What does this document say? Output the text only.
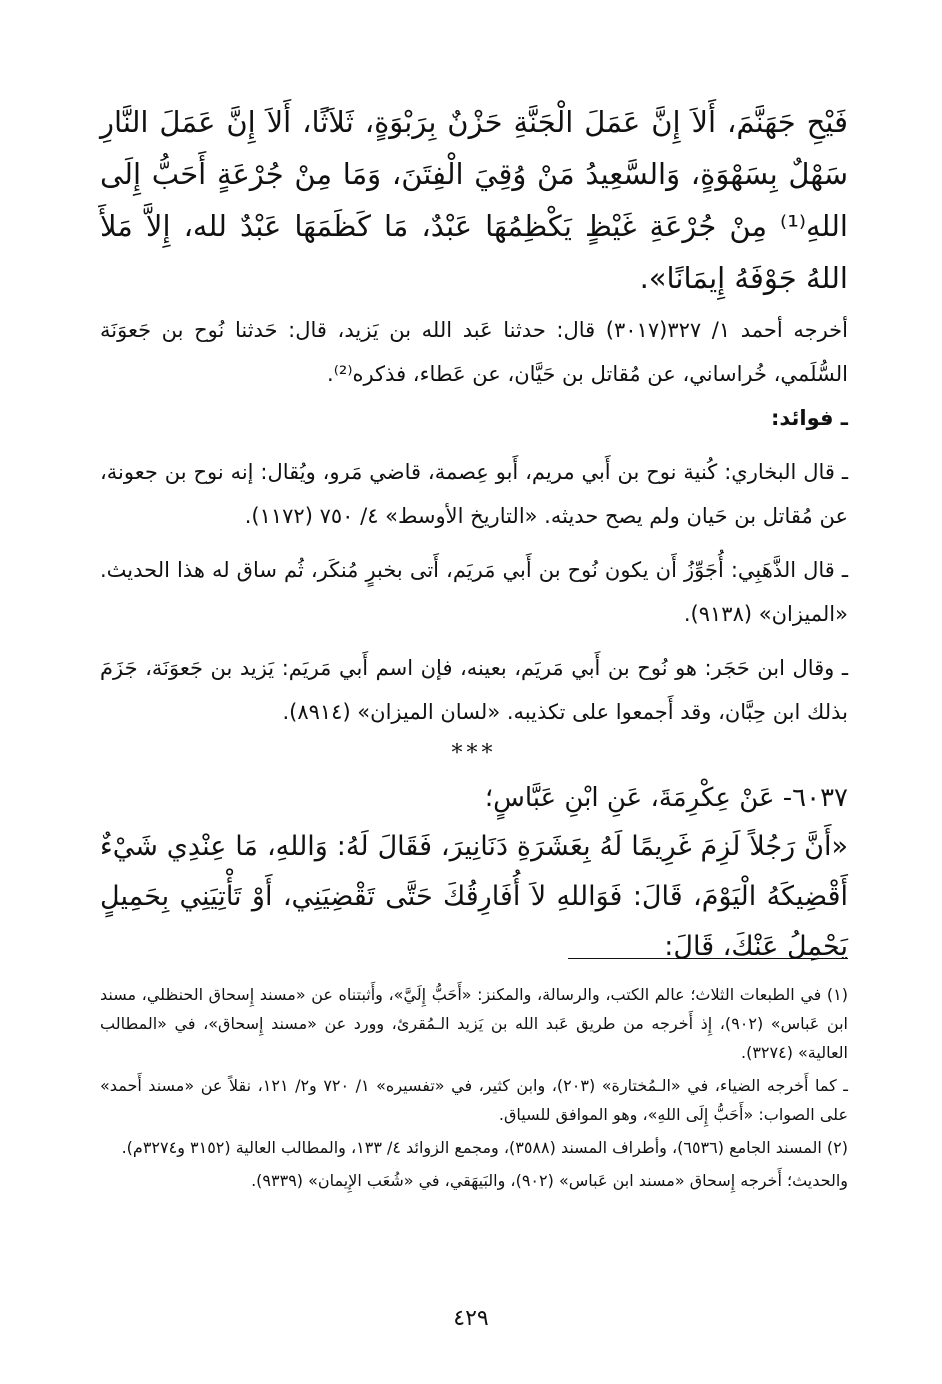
فَيْحِ جَهَنَّمَ، أَلاَ إِنَّ عَمَلَ الْجَنَّةِ حَزْنٌ بِرَبْوَةٍ، ثَلاَثًا، أَلاَ إِنَّ عَمَلَ النَّارِ سَهْلٌ بِسَهْوَةٍ، وَالسَّعِيدُ مَنْ وُقِيَ الْفِتَنَ، وَمَا مِنْ جُرْعَةٍ أَحَبُّ إِلَى اللهِ⁽¹⁾ مِنْ جُرْعَةِ غَيْظٍ يَكْظِمُهَا عَبْدٌ، مَا كَظَمَهَا عَبْدٌ لله، إِلاَّ مَلأَ اللهُ جَوْفَهُ إِيمَانًا».

أخرجه أحمد ١/ ٣٢٧(٣٠١٧) قال: حدثنا عَبد الله بن يَزيد، قال: حَدثنا نُوح بن جَعوَنَة السُّلَمي، خُراساني، عن مُقاتل بن حَيَّان، عن عَطاء، فذكره⁽²⁾.

ـ فوائد:

ـ قال البخاري: كُنية نوح بن أَبي مريم، أَبو عِصمة، قاضي مَرو، ويُقال: إنه نوح بن جعونة، عن مُقاتل بن حَيان ولم يصح حديثه. «التاريخ الأوسط» ٤/ ٧٥٠ (١١٧٢).

ـ قال الذَّهَبِي: أُجَوِّزُ أَن يكون نُوح بن أَبي مَريَم، أَتى بخبرٍ مُنكَر، ثُم ساق له هذا الحديث. «الميزان» (٩١٣٨).

ـ وقال ابن حَجَر: هو نُوح بن أَبي مَريَم، بعينه، فإن اسم أَبي مَريَم: يَزيد بن جَعوَنَة، جَزَمَ بذلك ابن حِبَّان، وقد أَجمعوا على تكذيبه. «لسان الميزان» (٨٩١٤).

***

٦٠٣٧- عَنْ عِكْرِمَةَ، عَنِ ابْنِ عَبَّاسٍ؛

«أَنَّ رَجُلاً لَزِمَ غَرِيمًا لَهُ بِعَشَرَةِ دَنَانِيرَ، فَقَالَ لَهُ: وَاللهِ، مَا عِنْدِي شَيْءٌ أَقْضِيكَهُ الْيَوْمَ، قَالَ: فَوَاللهِ لاَ أُفَارِقُكَ حَتَّى تَقْضِيَنِي، أَوْ تَأْتِيَنِي بِحَمِيلٍ يَحْمِلُ عَنْكَ، قَالَ:

(١) في الطبعات الثلاث؛ عالم الكتب، والرسالة، والمكنز: «أَحَبُّ إِلَيَّ»، وأَثبتناه عن «مسند إِسحاق الحنظلي، مسند ابن عَباس» (٩٠٢)، إِذ أَخرجه من طريق عَبد الله بن يَزيد الـمُقرئ، وورد عن «مسند إِسحاق»، في «المطالب العالية» (٣٢٧٤).

ـ كما أَخرجه الضياء، في «الـمُختارة» (٢٠٣)، وابن كثير، في «تفسيره» ١/ ٧٢٠ و٢/ ١٢١، نقلاً عن «مسند أَحمد» على الصواب: «أَحَبُّ إِلَى اللهِ»، وهو الموافق للسياق.

(٢) المسند الجامع (٦٥٣٦)، وأطراف المسند (٣٥٨٨)، ومجمع الزوائد ٤/ ١٣٣، والمطالب العالية (٣١٥٢ و٣٢٧٤م).

والحديث؛ أَخرجه إِسحاق «مسند ابن عَباس» (٩٠٢)، والبَيهَقي، في «شُعَب الإِيمان» (٩٣٣٩).

٤٢٩
